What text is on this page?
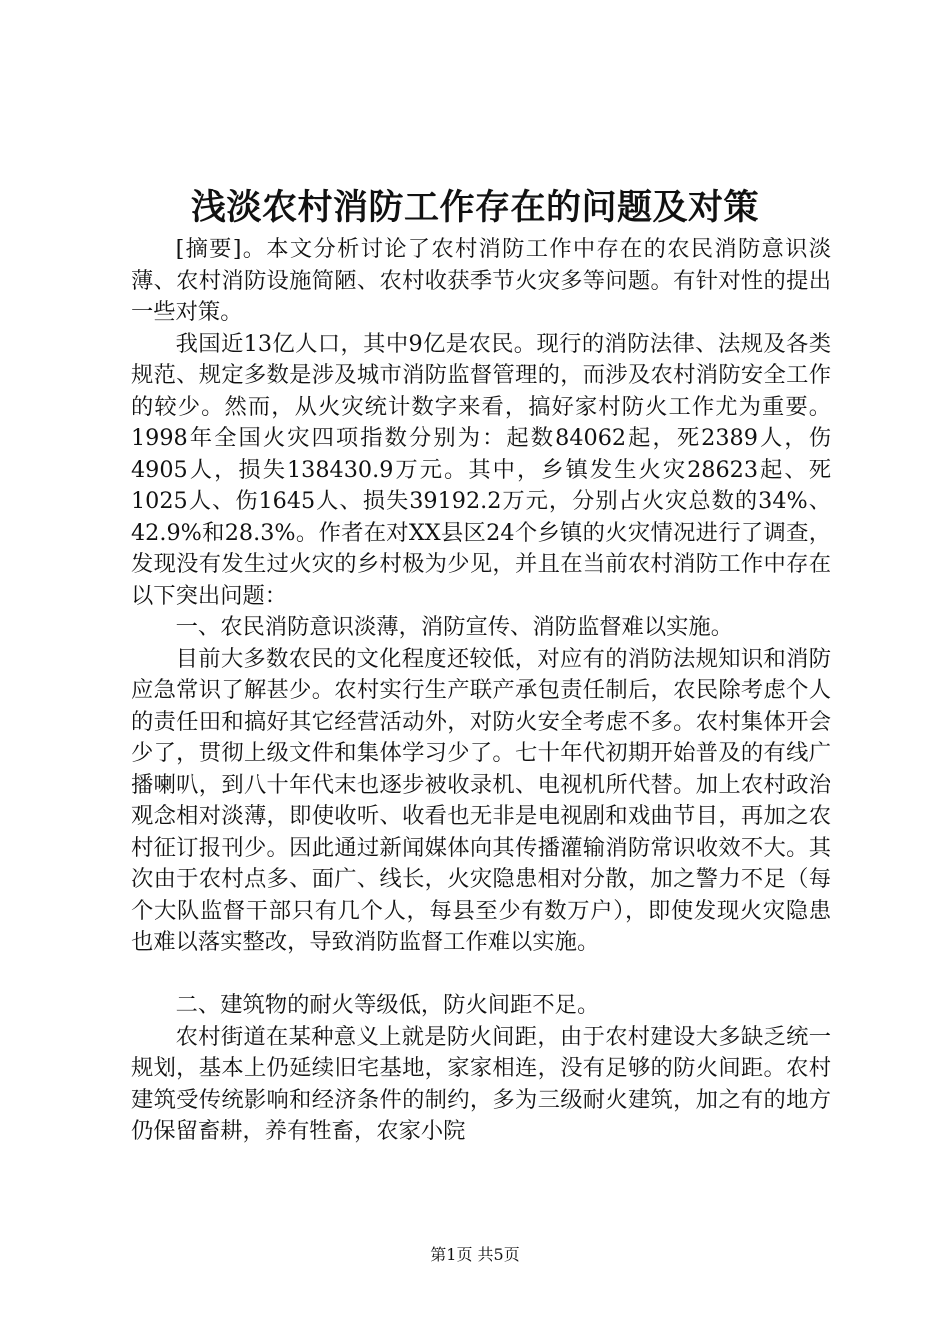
浅淡农村消防工作存在的问题及对策

[摘要]。本文分析讨论了农村消防工作中存在的农民消防意识淡薄、农村消防设施简陋、农村收获季节火灾多等问题。有针对性的提出一些对策。

我国近13亿人口，其中9亿是农民。现行的消防法律、法规及各类规范、规定多数是涉及城市消防监督管理的，而涉及农村消防安全工作的较少。然而，从火灾统计数字来看，搞好家村防火工作尤为重要。1998年全国火灾四项指数分别为：起数84062起，死2389人，伤4905人，损失138430.9万元。其中，乡镇发生火灾28623起、死1025人、伤1645人、损失39192.2万元，分别占火灾总数的34%、42.9%和28.3%。作者在对XX县区24个乡镇的火灾情况进行了调查，发现没有发生过火灾的乡村极为少见，并且在当前农村消防工作中存在以下突出问题：

一、农民消防意识淡薄，消防宣传、消防监督难以实施。

目前大多数农民的文化程度还较低，对应有的消防法规知识和消防应急常识了解甚少。农村实行生产联产承包责任制后，农民除考虑个人的责任田和搞好其它经营活动外，对防火安全考虑不多。农村集体开会少了，贯彻上级文件和集体学习少了。七十年代初期开始普及的有线广播喇叭，到八十年代末也逐步被收录机、电视机所代替。加上农村政治观念相对淡薄，即使收听、收看也无非是电视剧和戏曲节目，再加之农村征订报刊少。因此通过新闻媒体向其传播灌输消防常识收效不大。其次由于农村点多、面广、线长，火灾隐患相对分散，加之警力不足（每个大队监督干部只有几个人，每县至少有数万户），即使发现火灾隐患也难以落实整改，导致消防监督工作难以实施。

二、建筑物的耐火等级低，防火间距不足。

农村街道在某种意义上就是防火间距，由于农村建设大多缺乏统一规划，基本上仍延续旧宅基地，家家相连，没有足够的防火间距。农村建筑受传统影响和经济条件的制约，多为三级耐火建筑，加之有的地方仍保留畜耕，养有牲畜，农家小院

第1页 共5页
